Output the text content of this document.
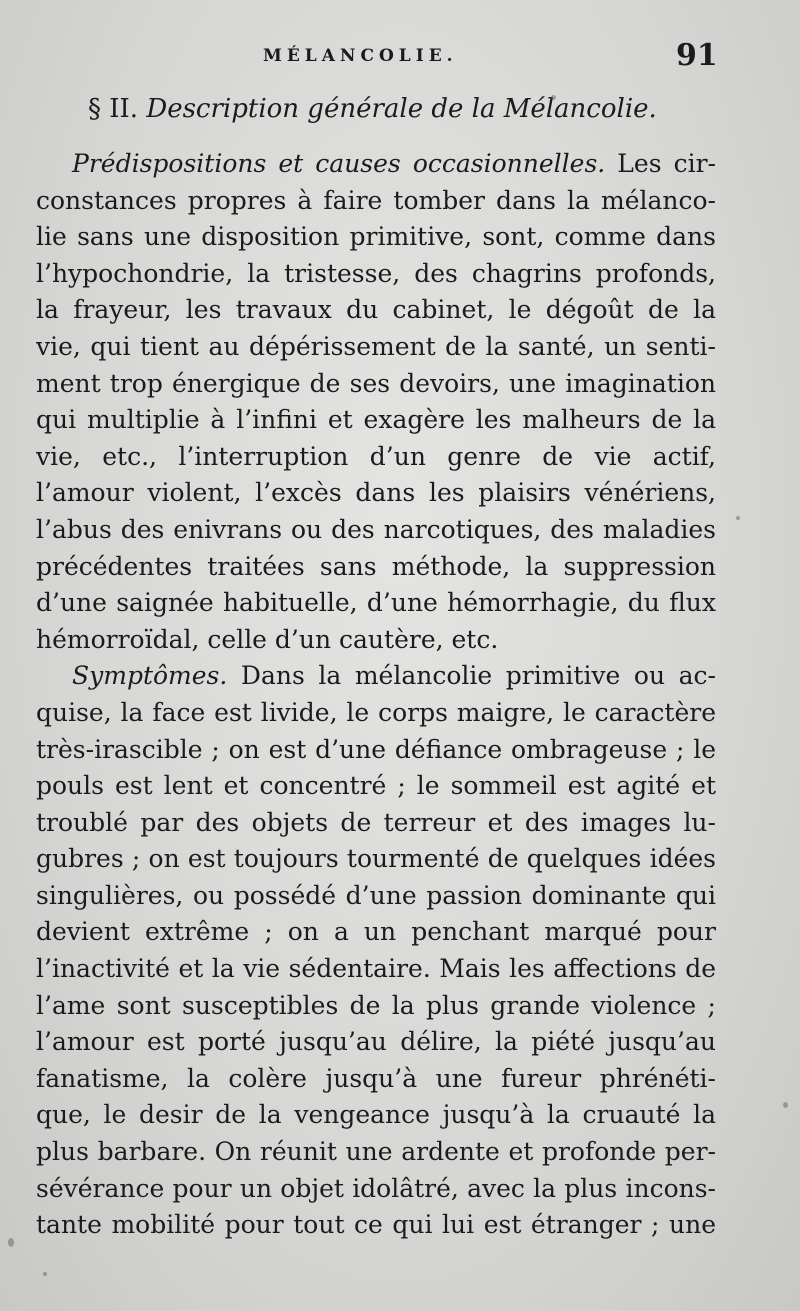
MÉLANCOLIE.	91
§ II. Description générale de la Mélancolie.
Prédispositions et causes occasionnelles. Les cir-
constances propres à faire tomber dans la mélanco-
lie sans une disposition primitive, sont, comme dans
l’hypochondrie, la tristesse, des chagrins profonds,
la frayeur, les travaux du cabinet, le dégoût de la
vie, qui tient au dépérissement de la santé, un senti-
ment trop énergique de ses devoirs, une imagination
qui multiplie à l’infini et exagère les malheurs de la
vie, etc., l’interruption d’un genre de vie actif,
l’amour violent, l’excès dans les plaisirs vénériens,
l’abus des enivrans ou des narcotiques, des maladies
précédentes traitées sans méthode, la suppression
d’une saignée habituelle, d’une hémorrhagie, du flux
hémorroïdal, celle d’un cautère, etc.
Symptômes. Dans la mélancolie primitive ou ac-
quise, la face est livide, le corps maigre, le caractère
très-irascible ; on est d’une défiance ombrageuse ; le
pouls est lent et concentré ; le sommeil est agité et
troublé par des objets de terreur et des images lu-
gubres ; on est toujours tourmenté de quelques idées
singulières, ou possédé d’une passion dominante qui
devient extrême ; on a un penchant marqué pour
l’inactivité et la vie sédentaire. Mais les affections de
l’ame sont susceptibles de la plus grande violence ;
l’amour est porté jusqu’au délire, la piété jusqu’au
fanatisme, la colère jusqu’à une fureur phrénéti-
que, le desir de la vengeance jusqu’à la cruauté la
plus barbare. On réunit une ardente et profonde per-
sévérance pour un objet idolâtré, avec la plus incons-
tante mobilité pour tout ce qui lui est étranger ; une
